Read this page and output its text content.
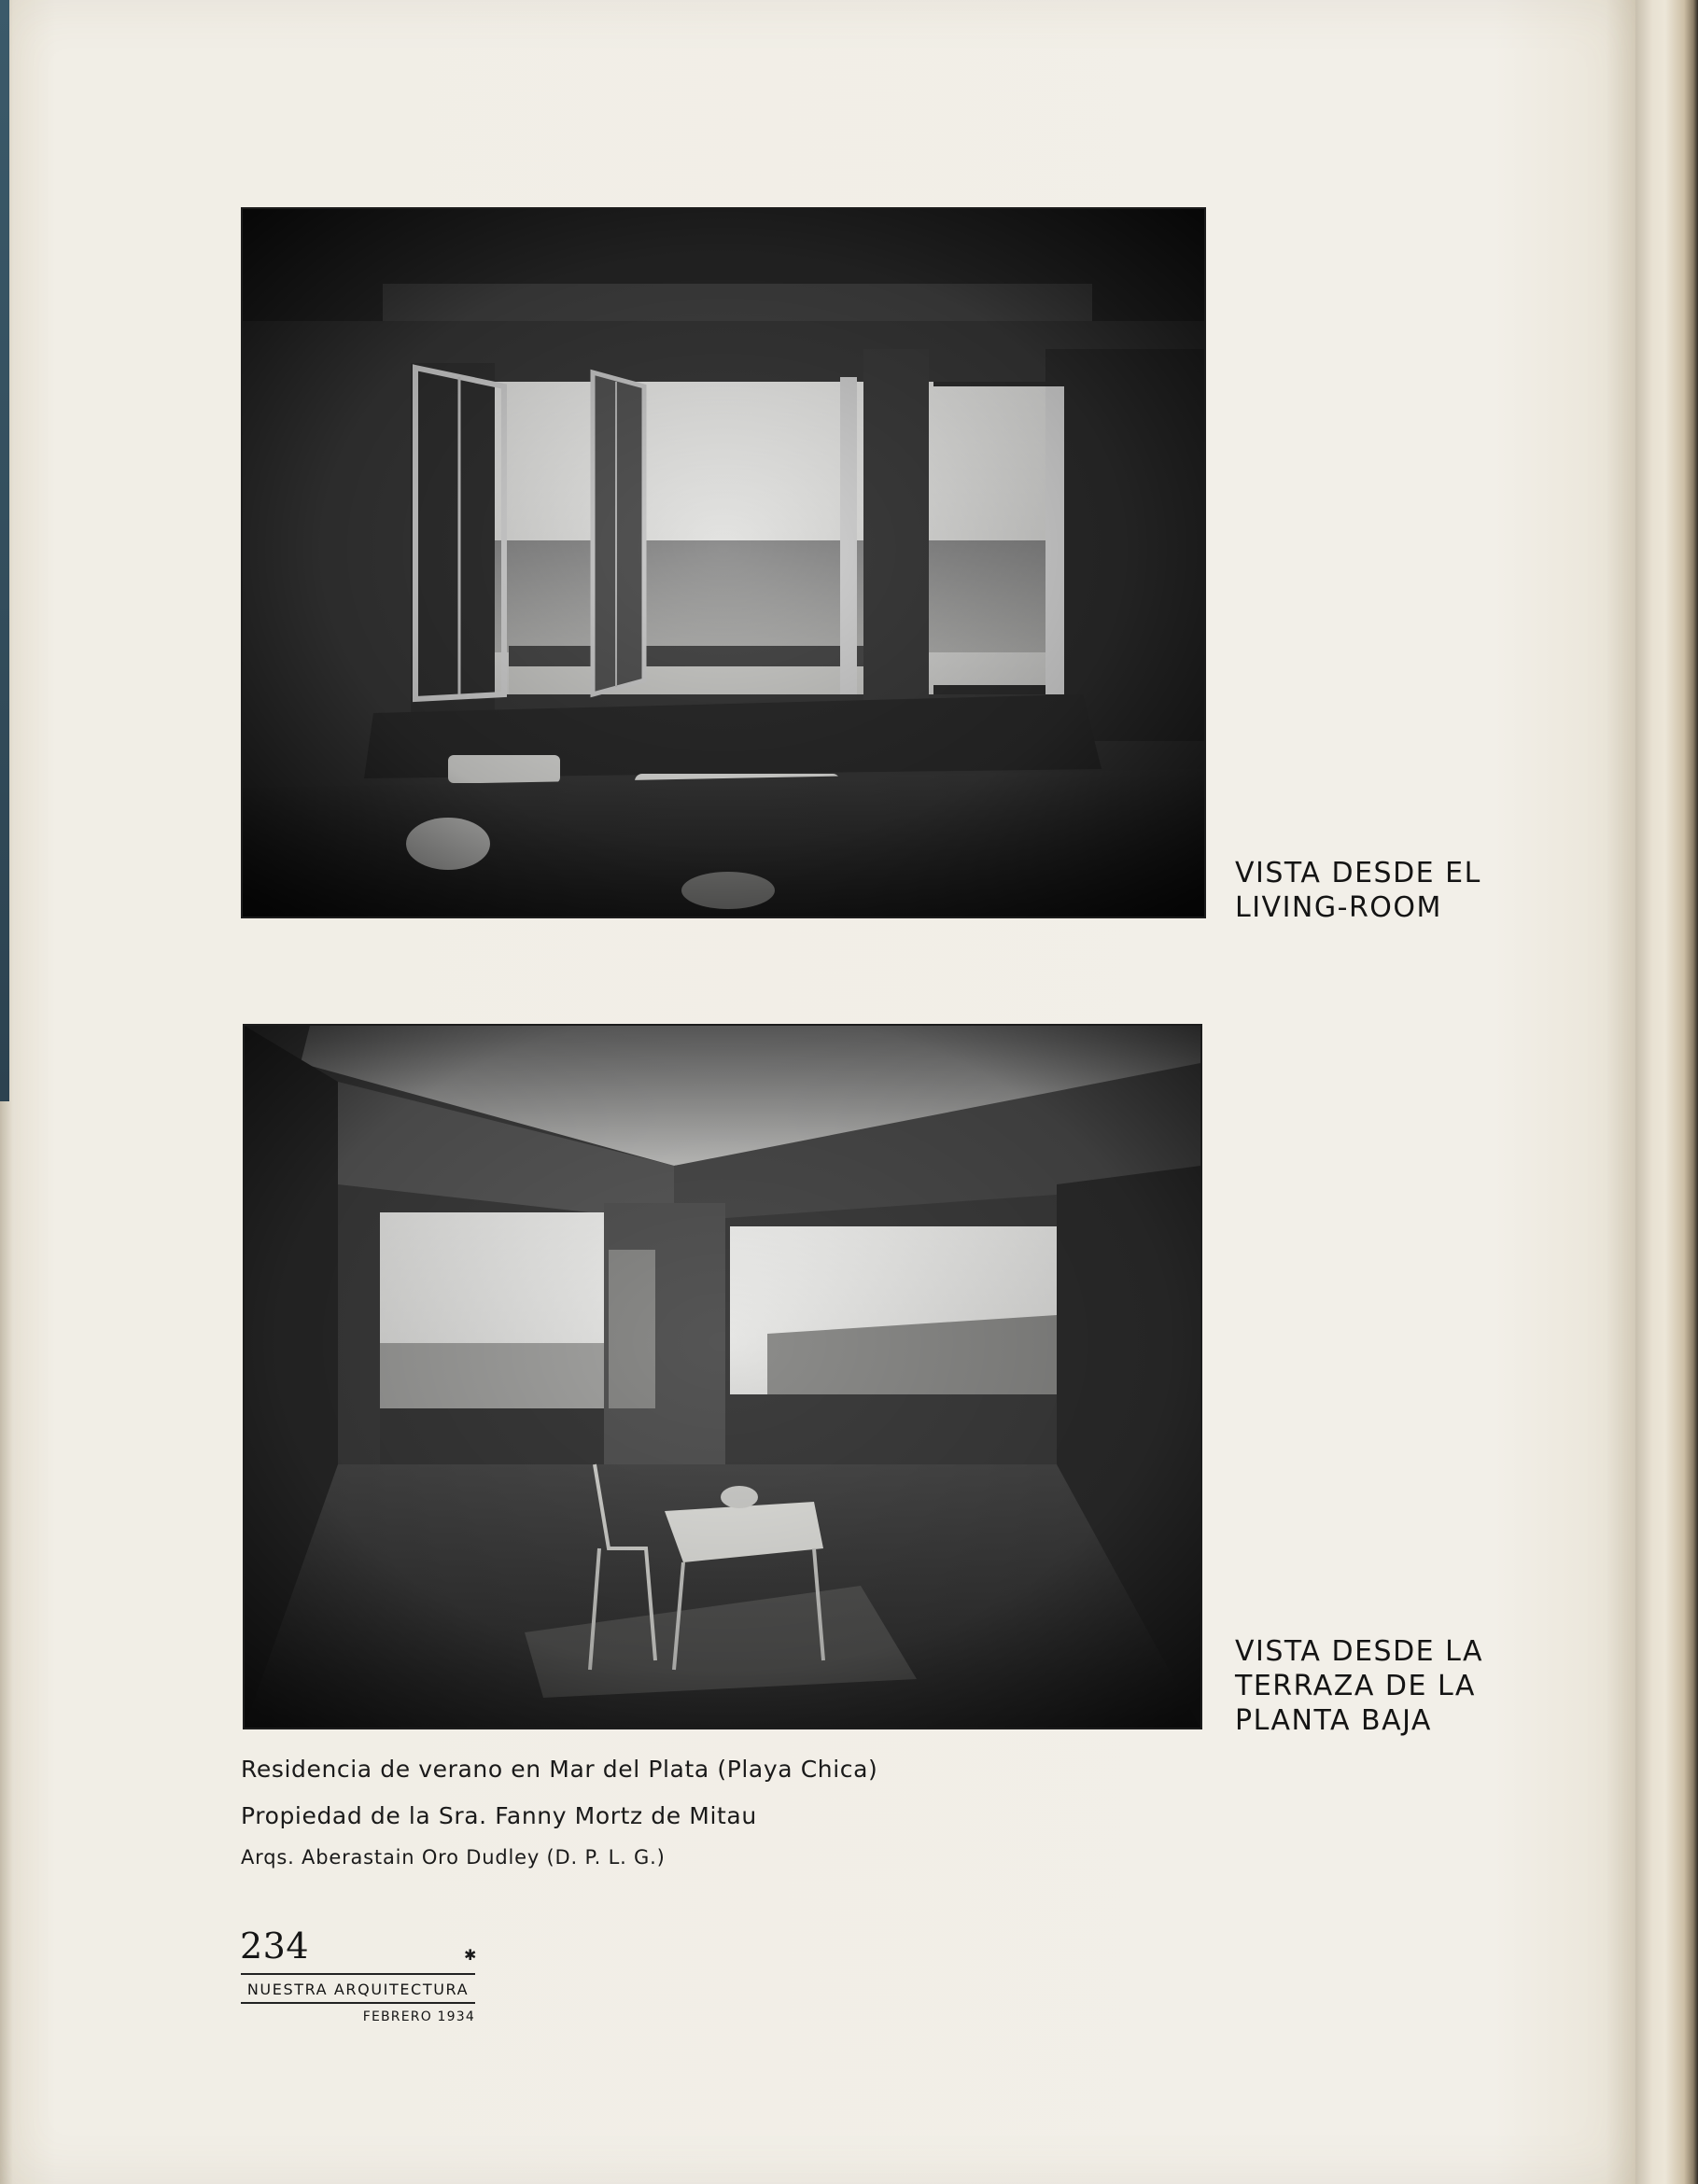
VISTA DESDE EL
LIVING-ROOM
VISTA DESDE LA
TERRAZA DE LA
PLANTA BAJA
Residencia de verano en Mar del Plata (Playa Chica)
Propiedad de la Sra. Fanny Mortz de Mitau
Arqs. Aberastain Oro Dudley (D. P. L. G.)
234	✱
NUESTRA ARQUITECTURA
FEBRERO 1934
